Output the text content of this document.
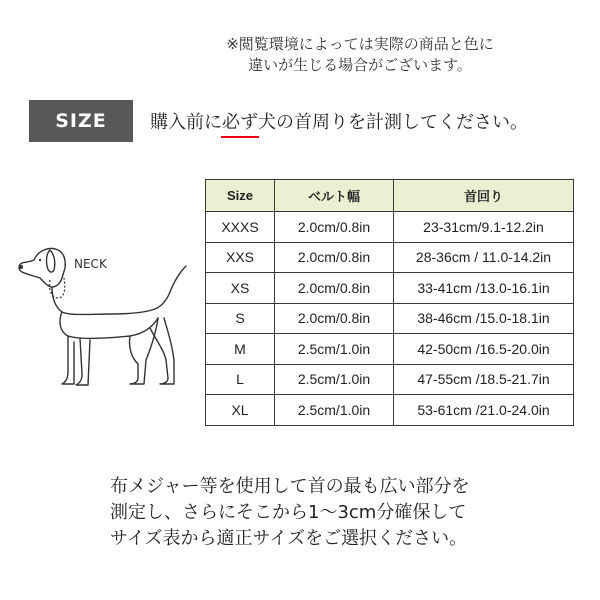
※閲覧環境によっては実際の商品と色に
違いが生じる場合がございます。
SIZE	購入前に必ず犬の首周りを計測してください。
NECK
Size	ベルト幅	首回り
XXXS	2.0cm/0.8in	23-31cm/9.1-12.2in
XXS	2.0cm/0.8in	28-36cm / 11.0-14.2in
XS	2.0cm/0.8in	33-41cm /13.0-16.1in
S	2.0cm/0.8in	38-46cm /15.0-18.1in
M	2.5cm/1.0in	42-50cm /16.5-20.0in
L	2.5cm/1.0in	47-55cm /18.5-21.7in
XL	2.5cm/1.0in	53-61cm /21.0-24.0in
布メジャー等を使用して首の最も広い部分を
測定し、さらにそこから1〜3cm分確保して
サイズ表から適正サイズをご選択ください。
